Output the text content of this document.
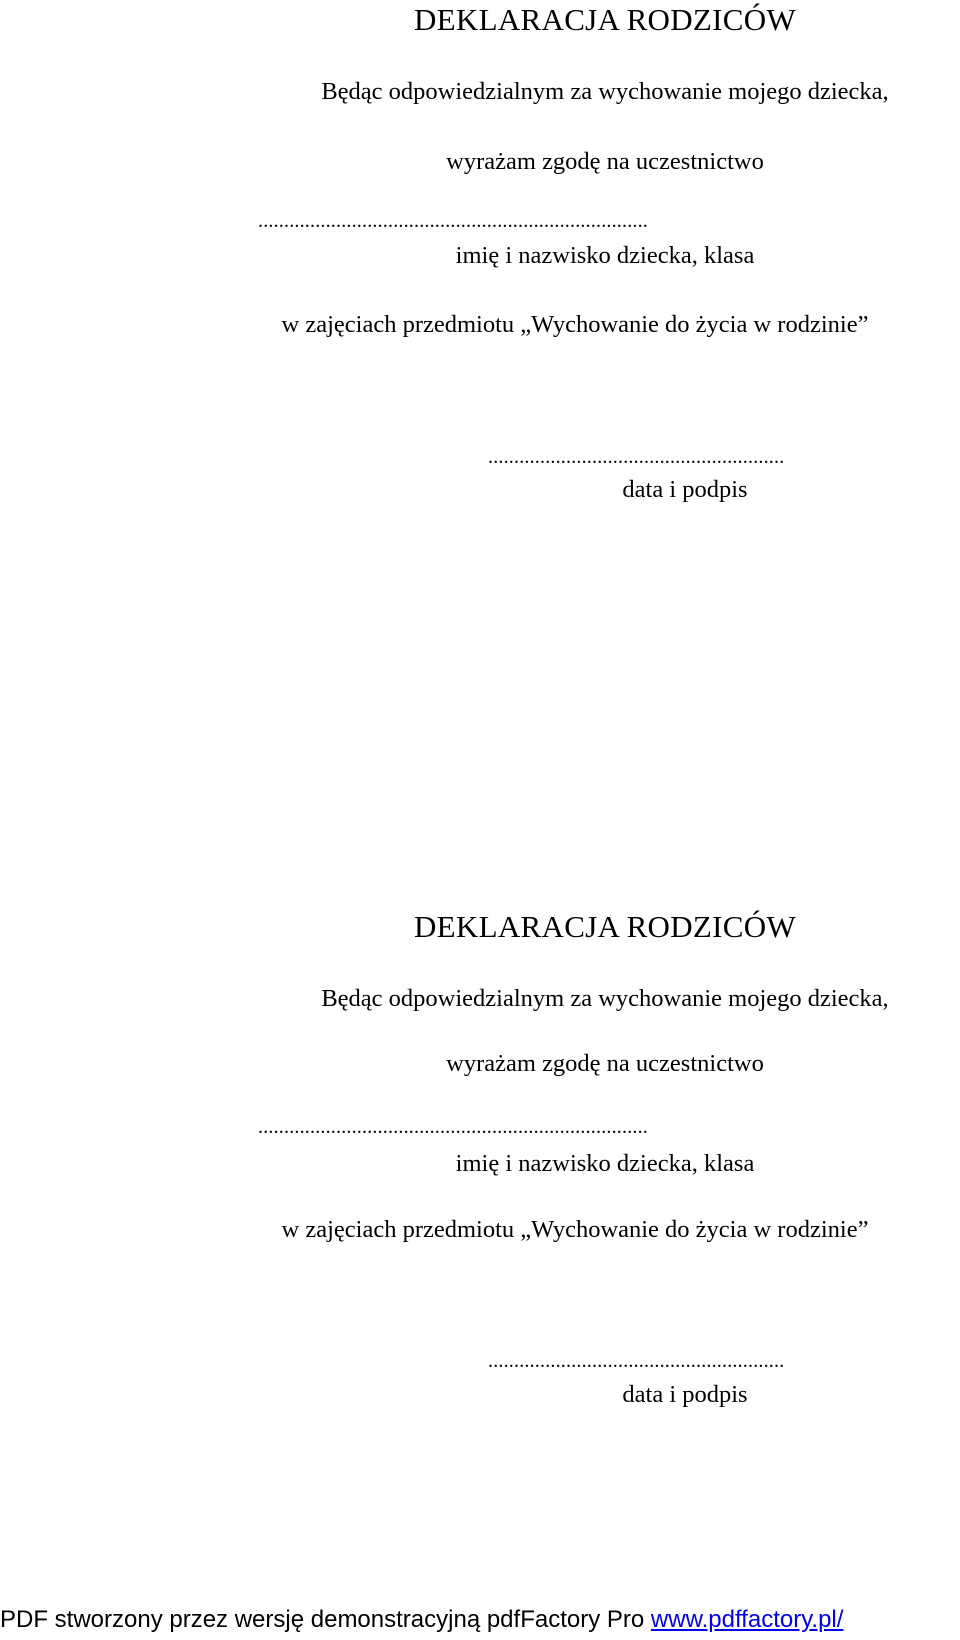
DEKLARACJA RODZICÓW
Będąc odpowiedzialnym za wychowanie mojego dziecka,
wyrażam zgodę na uczestnictwo
...........................................................................
imię i nazwisko dziecka, klasa
w zajęciach przedmiotu „Wychowanie do życia w rodzinie”
.........................................................
data i podpis
DEKLARACJA RODZICÓW
Będąc odpowiedzialnym za wychowanie mojego dziecka,
wyrażam zgodę na uczestnictwo
...........................................................................
imię i nazwisko dziecka, klasa
w zajęciach przedmiotu „Wychowanie do życia w rodzinie”
.........................................................
data i podpis
PDF stworzony przez wersję demonstracyjną pdfFactory Pro www.pdffactory.pl/
